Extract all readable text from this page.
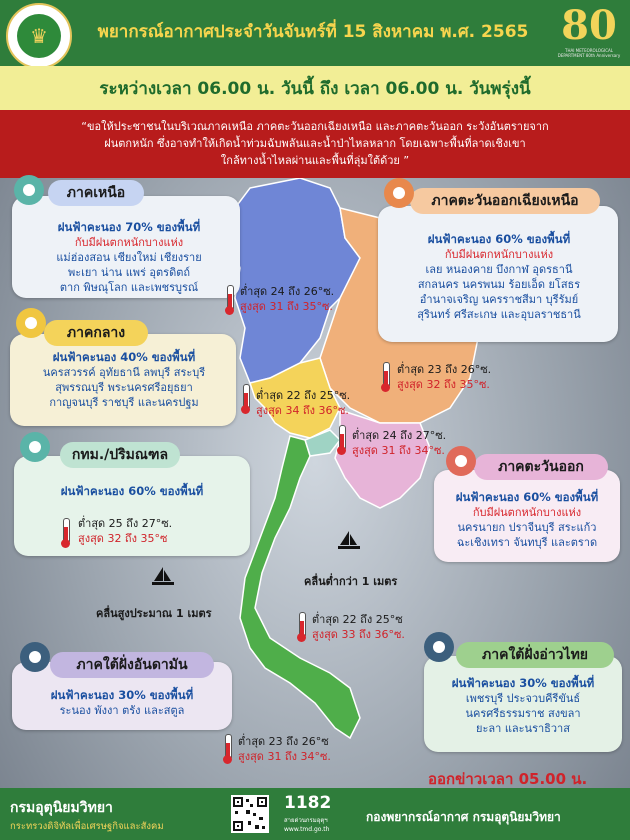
♛	พยากรณ์อากาศประจำวันจันทร์ที่ 15 สิงหาคม พ.ศ. 2565 80
THAI METEOROLOGICAL DEPARTMENT 80th Anniversary
ระหว่างเวลา 06.00 น. วันนี้ ถึง เวลา 06.00 น. วันพรุ่งนี้
“ขอให้ประชาชนในบริเวณภาคเหนือ ภาคตะวันออกเฉียงเหนือ และภาคตะวันออก ระวังอันตรายจาก
ฝนตกหนัก ซึ่งอาจทำให้เกิดน้ำท่วมฉับพลันและน้ำป่าไหลหลาก โดยเฉพาะพื้นที่ลาดเชิงเขา
ใกล้ทางน้ำไหลผ่านและพื้นที่ลุ่มใต้ด้วย ”
ฝนฟ้าคะนอง 70% ของพื้นที่
กับมีฝนตกหนักบางแห่ง
แม่ฮ่องสอน เชียงใหม่ เชียงราย
พะเยา น่าน แพร่ อุตรดิตถ์
ตาก พิษณุโลก และเพชรบูรณ์
ภาคเหนือ
ต่ำสุด 24 ถึง 26°ซ.
สูงสุด 31 ถึง 35°ซ.
ฝนฟ้าคะนอง 60% ของพื้นที่
กับมีฝนตกหนักบางแห่ง
เลย หนองคาย บึงกาฬ อุดรธานี
สกลนคร นครพนม ร้อยเอ็ด ยโสธร
อำนาจเจริญ นครราชสีมา บุรีรัมย์
สุรินทร์ ศรีสะเกษ และอุบลราชธานี
ภาคตะวันออกเฉียงเหนือ
ต่ำสุด 23 ถึง 26°ซ.
สูงสุด 32 ถึง 35°ซ.
ฝนฟ้าคะนอง 40% ของพื้นที่
นครสวรรค์ อุทัยธานี ลพบุรี สระบุรี
สุพรรณบุรี พระนครศรีอยุธยา
กาญจนบุรี ราชบุรี และนครปฐม
ภาคกลาง
ต่ำสุด 22 ถึง 25°ซ.
สูงสุด 34 ถึง 36°ซ.
ต่ำสุด 24 ถึง 27°ซ.
สูงสุด 31 ถึง 34°ซ.
ฝนฟ้าคะนอง 60% ของพื้นที่
กทม./ปริมณฑล
ต่ำสุด 25 ถึง 27°ซ.
สูงสุด 32 ถึง 35°ซ
ฝนฟ้าคะนอง 60% ของพื้นที่
กับมีฝนตกหนักบางแห่ง
นครนายก ปราจีนบุรี สระแก้ว
ฉะเชิงเทรา จันทบุรี และตราด
ภาคตะวันออก
คลื่นต่ำกว่า 1 เมตร
คลื่นสูงประมาณ 1 เมตร	ต่ำสุด 22 ถึง 25°ซ
สูงสุด 33 ถึง 36°ซ.
ฝนฟ้าคะนอง 30% ของพื้นที่
ระนอง พังงา ตรัง และสตูล
ภาคใต้ฝั่งอันดามัน
ต่ำสุด 23 ถึง 26°ซ
สูงสุด 31 ถึง 34°ซ.
ฝนฟ้าคะนอง 30% ของพื้นที่
เพชรบุรี ประจวบคีรีขันธ์
นครศรีธรรมราช สงขลา
ยะลา และนราธิวาส
ภาคใต้ฝั่งอ่าวไทย
ออกข่าวเวลา 05.00 น.
กรมอุตุนิยมวิทยา
กระทรวงดิจิทัลเพื่อเศรษฐกิจและสังคม
1182
สายด่วนกรมอุตุฯ
www.tmd.go.th
กองพยากรณ์อากาศ กรมอุตุนิยมวิทยา
